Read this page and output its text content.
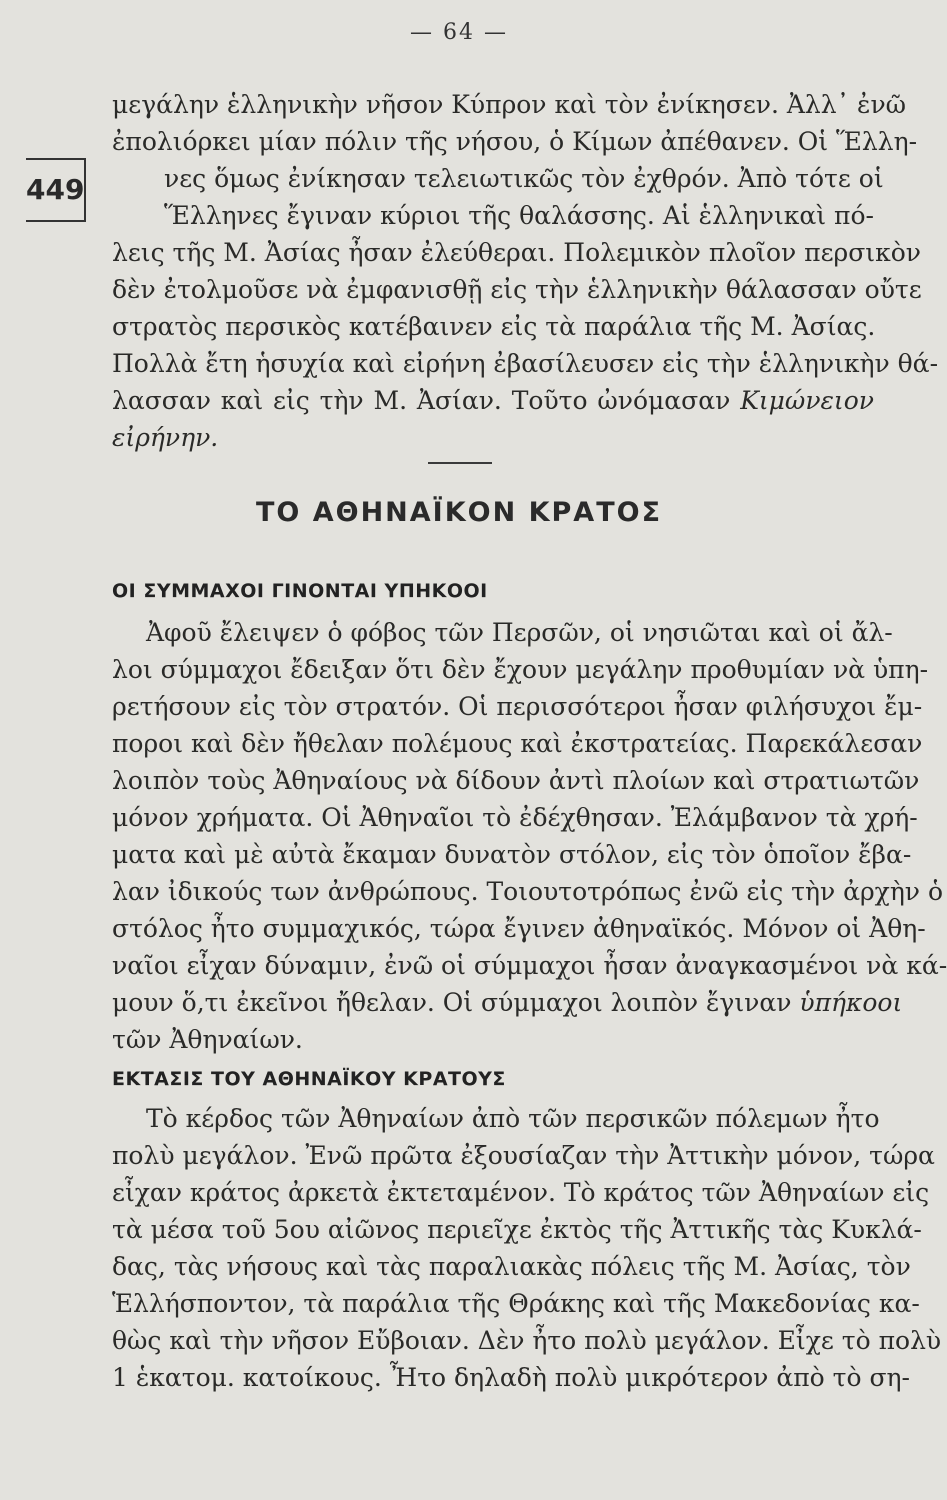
— 64 —
449
μεγάλην ἑλληνικὴν νῆσον Κύπρον καὶ τὸν ἐνίκησεν. Ἀλλ᾽ ἐνῶ
ἐπολιόρκει μίαν πόλιν τῆς νήσου, ὁ Κίμων ἀπέθανεν. Οἱ Ἕλλη-
νες ὅμως ἐνίκησαν τελειωτικῶς τὸν ἐχθρόν. Ἀπὸ τότε οἱ
Ἕλληνες ἔγιναν κύριοι τῆς θαλάσσης. Αἱ ἑλληνικαὶ πό-
λεις τῆς Μ. Ἀσίας ἦσαν ἐλεύθεραι. Πολεμικὸν πλοῖον περσικὸν
δὲν ἐτολμοῦσε νὰ ἐμφανισθῇ εἰς τὴν ἑλληνικὴν θάλασσαν οὔτε
στρατὸς περσικὸς κατέβαινεν εἰς τὰ παράλια τῆς Μ. Ἀσίας.
Πολλὰ ἔτη ἡσυχία καὶ εἰρήνη ἐβασίλευσεν εἰς τὴν ἑλληνικὴν θά-
λασσαν καὶ εἰς τὴν Μ. Ἀσίαν. Τοῦτο ὠνόμασαν Κιμώνειον
εἰρήνην.
ΤΟ ΑΘΗΝΑΪΚΟΝ ΚΡΑΤΟΣ
ΟΙ ΣΥΜΜΑΧΟΙ ΓΙΝΟΝΤΑΙ ΥΠΗΚΟΟΙ
Ἀφοῦ ἔλειψεν ὁ φόβος τῶν Περσῶν, οἱ νησιῶται καὶ οἱ ἄλ-
λοι σύμμαχοι ἔδειξαν ὅτι δὲν ἔχουν μεγάλην προθυμίαν νὰ ὑπη-
ρετήσουν εἰς τὸν στρατόν. Οἱ περισσότεροι ἦσαν φιλήσυχοι ἔμ-
ποροι καὶ δὲν ἤθελαν πολέμους καὶ ἐκστρατείας. Παρεκάλεσαν
λοιπὸν τοὺς Ἀθηναίους νὰ δίδουν ἀντὶ πλοίων καὶ στρατιωτῶν
μόνον χρήματα. Οἱ Ἀθηναῖοι τὸ ἐδέχθησαν. Ἐλάμβανον τὰ χρή-
ματα καὶ μὲ αὐτὰ ἔκαμαν δυνατὸν στόλον, εἰς τὸν ὁποῖον ἔβα-
λαν ἰδικούς των ἀνθρώπους. Τοιουτοτρόπως ἐνῶ εἰς τὴν ἀρχὴν ὁ
στόλος ἦτο συμμαχικός, τώρα ἔγινεν ἀθηναϊκός. Μόνον οἱ Ἀθη-
ναῖοι εἶχαν δύναμιν, ἐνῶ οἱ σύμμαχοι ἦσαν ἀναγκασμένοι νὰ κά-
μουν ὅ,τι ἐκεῖνοι ἤθελαν. Οἱ σύμμαχοι λοιπὸν ἔγιναν ὑπήκοοι
τῶν Ἀθηναίων.
ΕΚΤΑΣΙΣ ΤΟΥ ΑΘΗΝΑΪΚΟΥ ΚΡΑΤΟΥΣ
Τὸ κέρδος τῶν Ἀθηναίων ἀπὸ τῶν περσικῶν πόλεμων ἦτο
πολὺ μεγάλον. Ἐνῶ πρῶτα ἐξουσίαζαν τὴν Ἀττικὴν μόνον, τώρα
εἶχαν κράτος ἀρκετὰ ἐκτεταμένον. Τὸ κράτος τῶν Ἀθηναίων εἰς
τὰ μέσα τοῦ 5ου αἰῶνος περιεῖχε ἐκτὸς τῆς Ἀττικῆς τὰς Κυκλά-
δας, τὰς νήσους καὶ τὰς παραλιακὰς πόλεις τῆς Μ. Ἀσίας, τὸν
Ἑλλήσποντον, τὰ παράλια τῆς Θράκης καὶ τῆς Μακεδονίας κα-
θὼς καὶ τὴν νῆσον Εὔβοιαν. Δὲν ἦτο πολὺ μεγάλον. Εἶχε τὸ πολὺ
1 ἑκατομ. κατοίκους. Ἦτο δηλαδὴ πολὺ μικρότερον ἀπὸ τὸ ση-
